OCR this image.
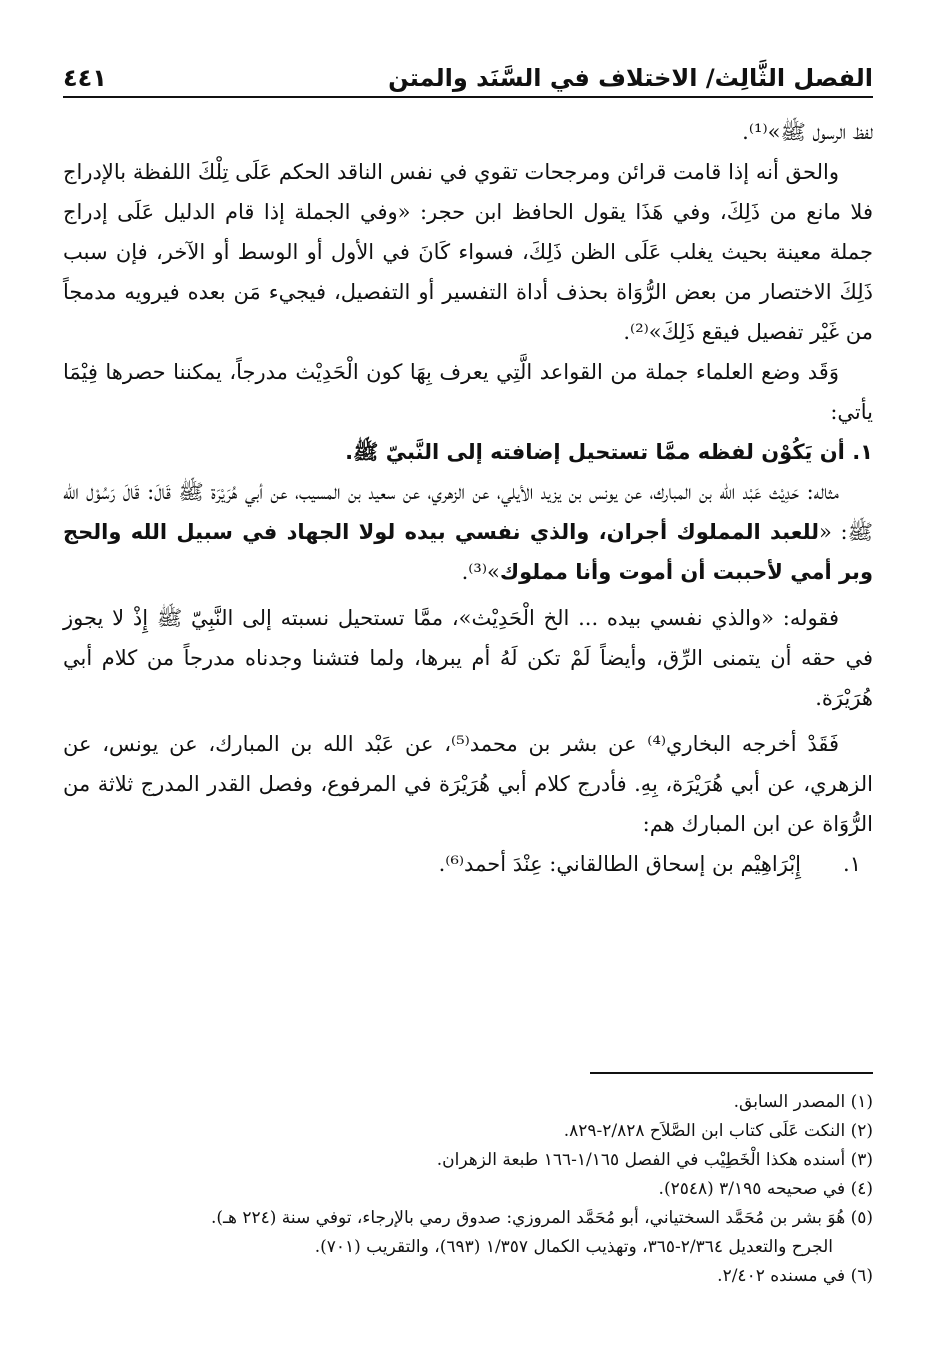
الفصل الثَّالِث/ الاختلاف في السَّنَد والمتن
٤٤١

لفظ الرسول ﷺ»⁽¹⁾.

والحق أنه إذا قامت قرائن ومرجحات تقوي في نفس الناقد الحكم عَلَى تِلْكَ اللفظة بالإدراج فلا مانع من ذَلِكَ، وفي هَذَا يقول الحافظ ابن حجر: «وفي الجملة إذا قام الدليل عَلَى إدراج جملة معينة بحيث يغلب عَلَى الظن ذَلِكَ، فسواء كَانَ في الأول أو الوسط أو الآخر، فإن سبب ذَلِكَ الاختصار من بعض الرُّوَاة بحذف أداة التفسير أو التفصيل، فيجيء مَن بعده فيرويه مدمجاً من غَيْر تفصيل فيقع ذَلِكَ»⁽²⁾.

وَقَد وضع العلماء جملة من القواعد الَّتِي يعرف بِهَا كون الْحَدِيْث مدرجاً، يمكننا حصرها فِيْمَا يأتي:

١. أن يَكُوْن لفظه ممَّا تستحيل إضافته إلى النَّبيّ ﷺ.

مثاله: حَدِيْث عَبْد الله بن المبارك، عن يونس بن يزيد الأيلي، عن الزهري، عن سعيد بن المسيب، عن أبي هُرَيْرَة ﷺ قَالَ: قَالَ رَسُوْل الله ﷺ: «للعبد المملوك أجران، والذي نفسي بيده لولا الجهاد في سبيل الله والحج وبر أمي لأحببت أن أموت وأنا مملوك»⁽³⁾.

فقوله: «والذي نفسي بيده ... الخ الْحَدِيْث»، ممَّا تستحيل نسبته إلى النَّبِيّ ﷺ إِذْ لا يجوز في حقه أن يتمنى الرِّق، وأيضاً لَمْ تكن لَهُ أم يبرها، ولما فتشنا وجدناه مدرجاً من كلام أبي هُرَيْرَة.

فَقَدْ أخرجه البخاري⁽⁴⁾ عن بشر بن محمد⁽⁵⁾، عن عَبْد الله بن المبارك، عن يونس، عن الزهري، عن أبي هُرَيْرَة، بِهِ. فأدرج كلام أبي هُرَيْرَة في المرفوع، وفصل القدر المدرج ثلاثة من الرُّوَاة عن ابن المبارك هم:

١.
إِبْرَاهِيْم بن إسحاق الطالقاني: عِنْدَ أحمد⁽⁶⁾.

(١) المصدر السابق.

(٢) النكت عَلَى كتاب ابن الصَّلاَح ٢/٨٢٨-٨٢٩.

(٣) أسنده هكذا الْخَطِيْب في الفصل ١/١٦٥-١٦٦ طبعة الزهران.

(٤) في صحيحه ٣/١٩٥ (٢٥٤٨).

(٥) هُوَ بشر بن مُحَمَّد السختياني، أبو مُحَمَّد المروزي: صدوق رمي بالإرجاء، توفي سنة (٢٢٤ هـ).

الجرح والتعديل ٢/٣٦٤-٣٦٥، وتهذيب الكمال ١/٣٥٧ (٦٩٣)، والتقريب (٧٠١).

(٦) في مسنده ٢/٤٠٢.
